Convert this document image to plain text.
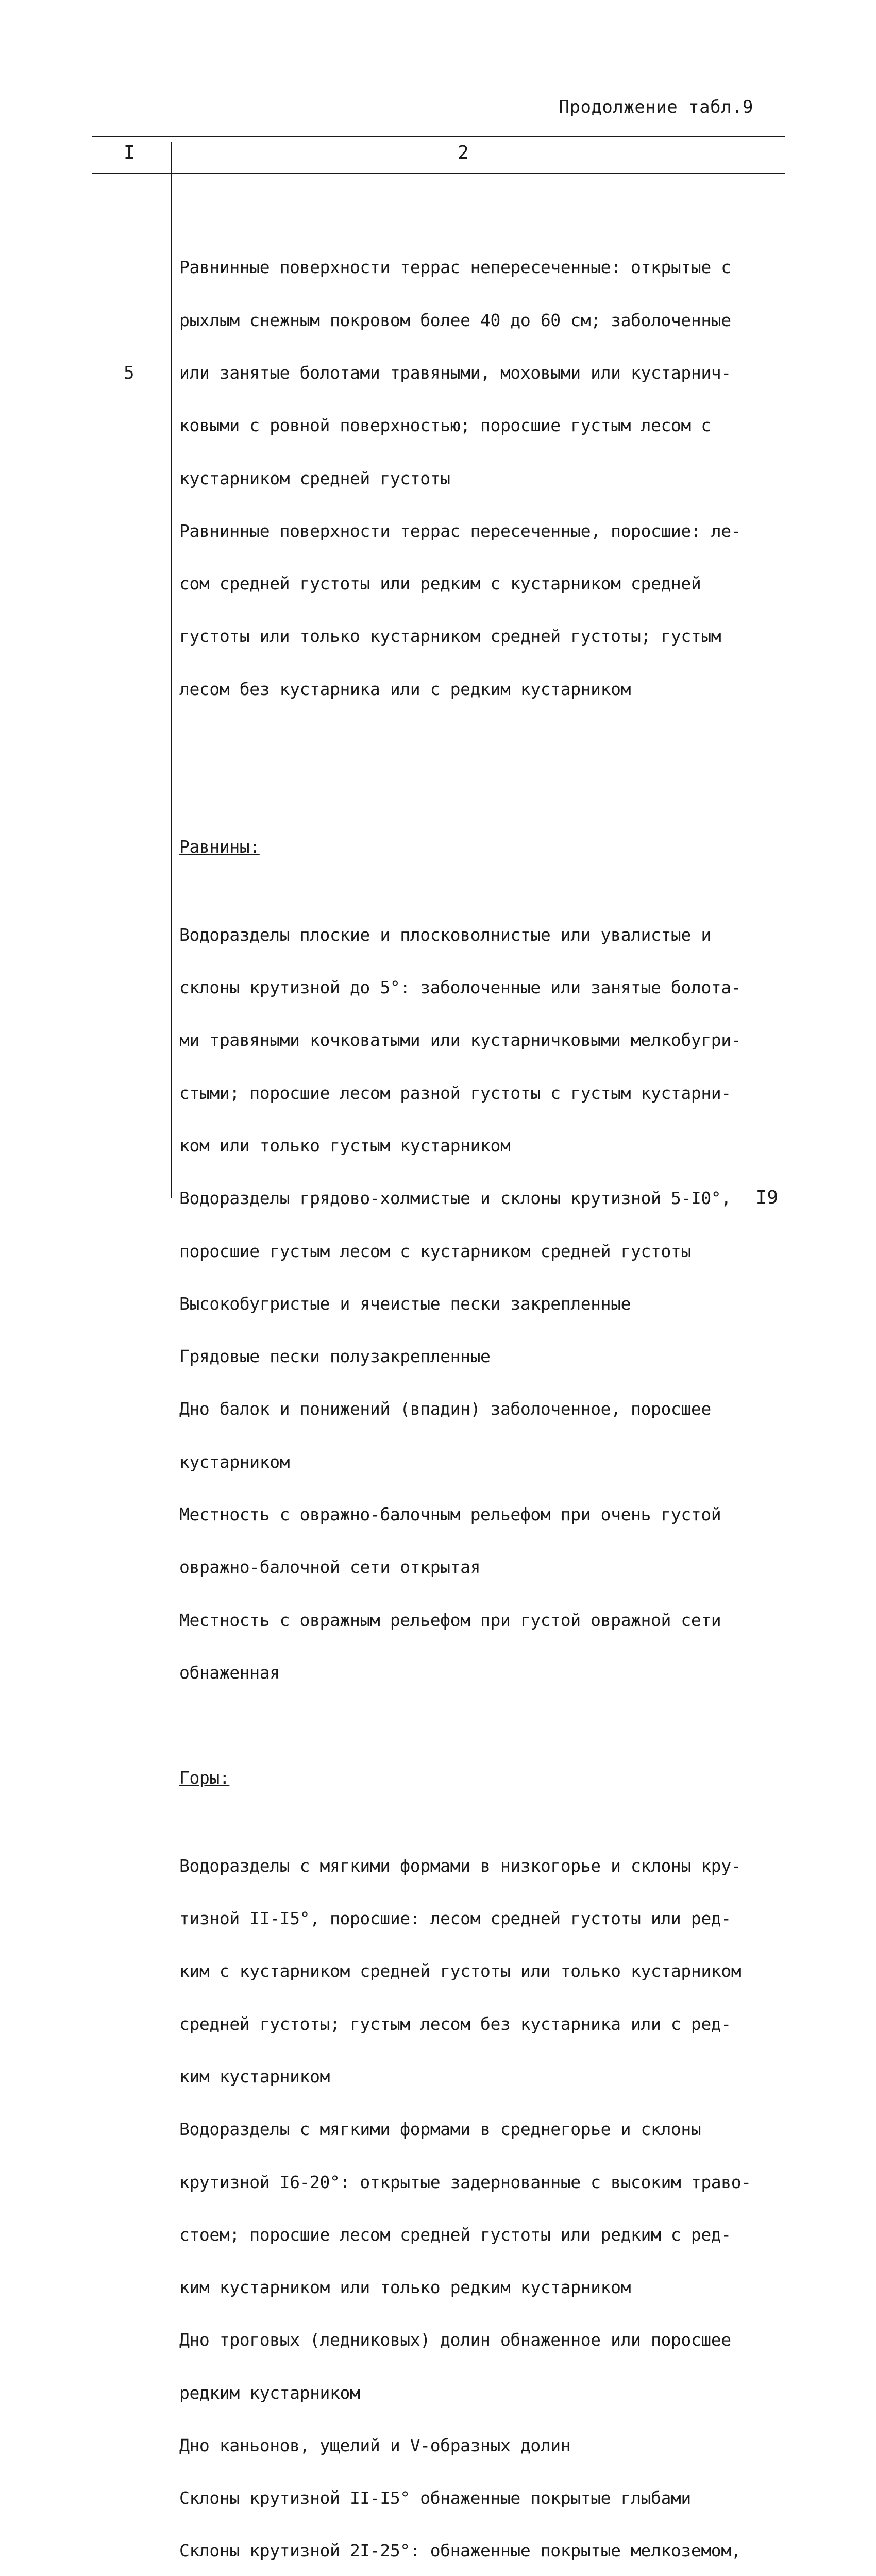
Продолжение табл.9
I	2
5

Равнинные поверхности террас непересеченные: открытые с

рыхлым снежным покровом более 40 до 60 см; заболоченные

или занятые болотами травяными, моховыми или кустарнич-

ковыми с ровной поверхностью; поросшие густым лесом с

кустарником средней густоты

Равнинные поверхности террас пересеченные, поросшие: ле-

сом средней густоты или редким с кустарником средней

густоты или только кустарником средней густоты; густым

лесом без кустарника или с редким кустарником

Равнины:

Водоразделы плоские и плосковолнистые или увалистые и

склоны крутизной до 5°: заболоченные или занятые болота-

ми травяными кочковатыми или кустарничковыми мелкобугри-

стыми; поросшие лесом разной густоты с густым кустарни-

ком или только густым кустарником

Водоразделы грядово-холмистые и склоны крутизной 5-I0°,

поросшие густым лесом с кустарником средней густоты

Высокобугристые и ячеистые пески закрепленные

Грядовые пески полузакрепленные

Дно балок и понижений (впадин) заболоченное, поросшее

кустарником

Местность с овражно-балочным рельефом при очень густой

овражно-балочной сети открытая

Местность с овражным рельефом при густой овражной сети

обнаженная

Горы:

Водоразделы с мягкими формами в низкогорье и склоны кру-

тизной II-I5°, поросшие: лесом средней густоты или ред-

ким с кустарником средней густоты или только кустарником

средней густоты; густым лесом без кустарника или с ред-

ким кустарником

Водоразделы с мягкими формами в среднегорье и склоны

крутизной I6-20°: открытые задернованные с высоким траво-

стоем; поросшие лесом средней густоты или редким с ред-

ким кустарником или только редким кустарником

Дно троговых (ледниковых) долин обнаженное или поросшее

редким кустарником

Дно каньонов, ущелий и V-образных долин

Склоны крутизной II-I5° обнаженные покрытые глыбами

Склоны крутизной 2I-25°: обнаженные покрытые мелкоземом,

I9
